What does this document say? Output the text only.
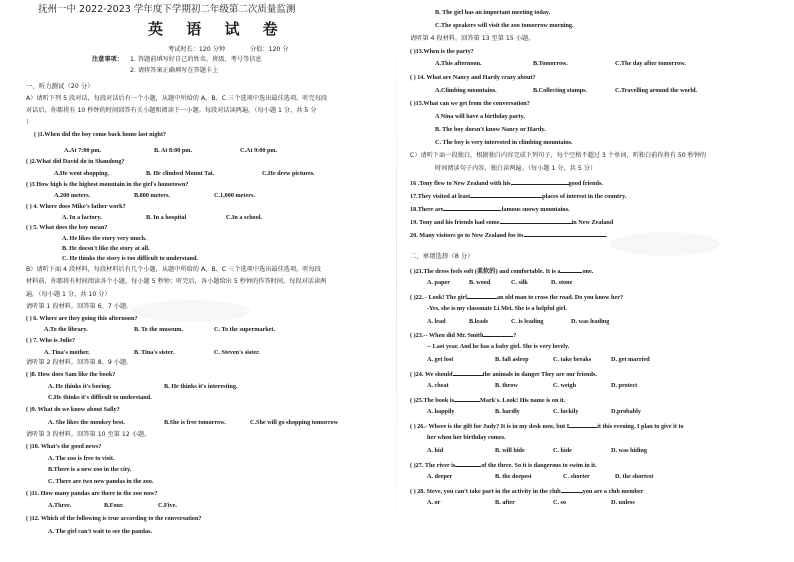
抚州一中 2022-2023 学年度下学期初二年级第二次质量监测
英 语 试 卷
考试时长：120 分钟	分值：120 分
注意事项： 1. 答题前填写好自己的姓名、班级、考号等信息
2. 请将答案正确填写在答题卡上
一、听力测试（20 分）
A）请听下列 5 段对话，每段对话后有一个小题，从题中所给的 A、B、C 三个选项中选出最佳选项。听完每段
对话后，你都将有 10 秒钟的时间回答有关小题和阅读下一小题。每段对话读两遍。（每小题 1 分，共 5 分
）
( )1.When did the boy come back home last night?
A.At 7:00 pm.	B. At 8:00 pm.	C.At 9:00 pm.
( )2.What did David do in Shandong?
A.He went shopping.	B. He climbed Mount Tai.	C.He drew pictures.
( )3 How high is the highest mountain in the girl's hometown?
A.200 meters.	B.800 meters.	C.1,000 meters.
( ) 4. Where does Mike's father work?
A. In a factory.	B. In a hospital	C.In a school.
( ) 5. What does the boy mean?
A. He likes the story very much.
B. He doesn't like the story at all.
C. He thinks the story is too difficult to understand.
B）请听下面 4 段材料，每段材料后有几个小题，从题中所给的 A、B、C 三个选项中选出最佳选项。听每段
材料前，你都将有时间阅读各个小题，每小题 5 秒钟；听完后，各小题给出 5 秒钟的作答时间，每段对话读两
遍。（每小题 1 分，共 10 分）
请听第 1 段材料，回答第 6、7 小题。
( ) 6. Where are they going this afternoon?
A.To the library.	B. To the museum.	C. To the supermarket.
( ) 7. Who is Julie?
A. Tina's mother.	B. Tina's sister.	C. Steven's sister.
请听第 2 段材料，回答第 8、9 小题。
( )8. How does Sam like the book?
A. He thinks it's boring.	B. He thinks it's interesting.
C.He thinks it's difficult to understand.
( )9. What do we know about Sally?
A. She likes the monkey best.	B.She is free tomorrow.	C.She will go shopping tomorrow
请听第 3 段材料，回答第 10 至第 12 小题。
( )10. What's the good news?
A. The zoo is free to visit.
B.There is a new zoo in the city.
C. There are two new pandas in the zoo.
( )11. How many pandas are there in the zoo now?
A.Three.	B.Four.	C.Five.
( )12. Which of the following is true according to the conversation?
A. The girl can't wait to see the pandas.
B. The girl has an important meeting today.
C.The speakers will visit the zoo tomorrow morning.
请听第 4 段材料，回答第 13 至第 15 小题。
( )13.When is the party?
A.This afternoon.	B.Tomorrow.	C.The day after tomorrow.
( ) 14. What are Nancy and Hardy crazy about?
A.Climbing mountains.	B.Collecting stamps.	C.Travelling around the world.
( )15.What can we get from the conversation?
A Nina will have a birthday party.
B. The boy doesn't know Nancy or Hardy.
C. The boy is very interested in climbing mountains.
C）请听下面一段独白，根据独白内容完成下列句子，每个空格不超过 3 个单词，听独白前你将有 50 秒钟的
时间阅读句子内容，独白读两遍。（每小题 1 分，共 5 分）
16 .Tony flew to New Zealand with his	good friends.
17.They visited at least	places of interest in the country.
18.There are	famous snowy mountains.
19. Tony and his friends had some	in New Zealand
20. Many visitors go to New Zealand for its	.
二、单项选择（8 分）
( )21.The dress feels soft (柔软的) and comfortable. It is a	one.
A. paper	B. wood	C. silk	D. stone
( )22. - Look! The girl	an old man to cross the road. Do you know her?
-Yes, she is my classmate Li Mei. She is a helpful girl.
A. lead	B.leads	C. is leading	D. was leading
( )23.-- When did Mr. Smith	?
-- Last year. And he has a baby girl. She is very lovely.
A. get lost	B. fall asleep	C. take breaks	D. get married
( )24. We should	the animals in danger They are our friends.
A. cheat	B. throw	C. weigh	D. protect
( )25.The book is	Mark's. Look! His name is on it.
A. happily	B. hardly	C. luckily	D.probably
( ) 26.- Where is the gift for Judy? It is in my desk now, but I	it this evening. I plan to give it to
her when her birthday comes.
A. hid	B. will hide	C. hide	D. was hiding
( )27. The river is	of the three. So it is dangerous to swim in it.
A. deeper	B. the deepest	C. shorter	D. the shortest
( ) 28. Steve, you can't take part in the activity in the club	you are a club member
A. or	B. after	C. so	D. unless
